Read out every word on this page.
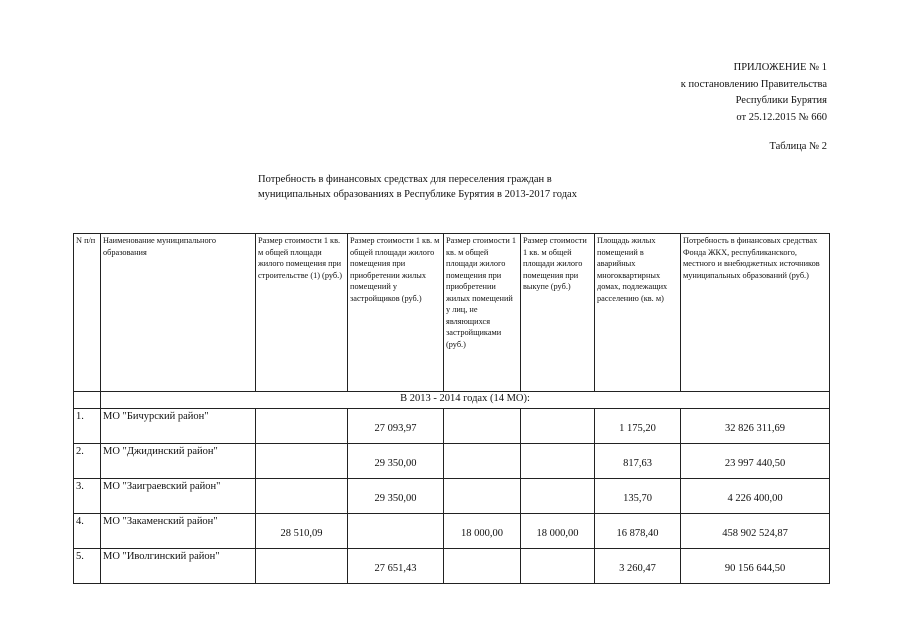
ПРИЛОЖЕНИЕ № 1
к постановлению Правительства
Республики Бурятия
от 25.12.2015 № 660
Таблица № 2
Потребность в финансовых средствах для переселения граждан в
муниципальных образованиях в Республике Бурятия в 2013-2017 годах
N п/п	Наименование муниципального образования	Размер стоимости 1 кв. м общей площади жилого помещения при строительстве (1) (руб.)	Размер стоимости 1 кв. м общей площади жилого помещения при приобретении жилых помещений у застройщиков (руб.)	Размер стоимости 1 кв. м общей площади жилого помещения при приобретении жилых помещений у лиц, не являющихся застройщиками (руб.)	Размер стоимости 1 кв. м общей площади жилого помещения при выкупе (руб.)	Площадь жилых помещений в аварийных многоквартирных домах, подлежащих расселению (кв. м)	Потребность в финансовых средствах Фонда ЖКХ, республиканского, местного и внебюджетных источников муниципальных образований (руб.)
	В 2013 - 2014 годах (14 МО):						
1.	МО "Бичурский район"		27 093,97			1 175,20	32 826 311,69
2.	МО "Джидинский район"		29 350,00			817,63	23 997 440,50
3.	МО "Заиграевский район"		29 350,00			135,70	4 226 400,00
4.	МО "Закаменский район"	28 510,09		18 000,00	18 000,00	16 878,40	458 902 524,87
5.	МО "Иволгинский район"		27 651,43			3 260,47	90 156 644,50
